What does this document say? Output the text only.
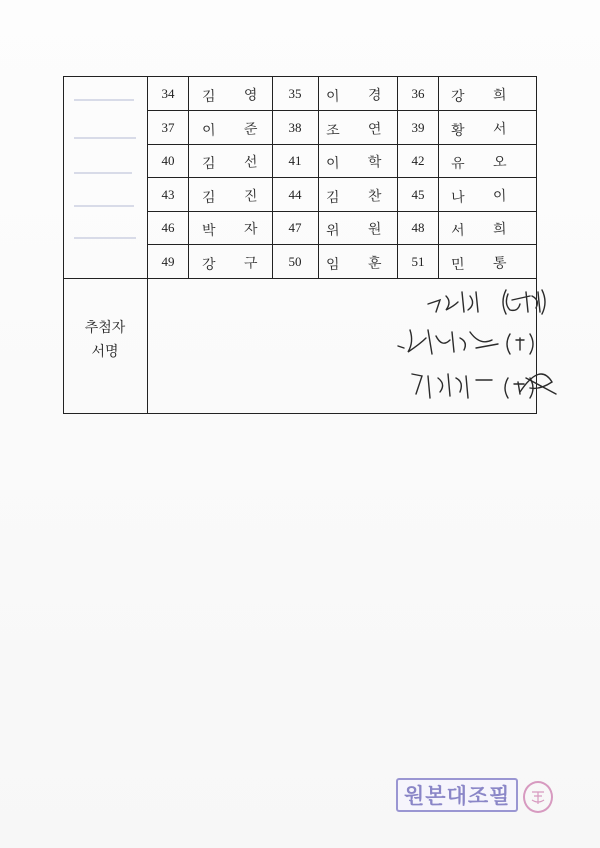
34	김 영	35	이 경	36	강 희
37	이 준	38	조 연	39	황 서
40	김 선	41	이 학	42	유 오
43	김 진	44	김 찬	45	나 이
46	박 자	47	위 원	48	서 희
49	강 구	50	임 훈	51	민 통
추첨자
서명
원본대조필
